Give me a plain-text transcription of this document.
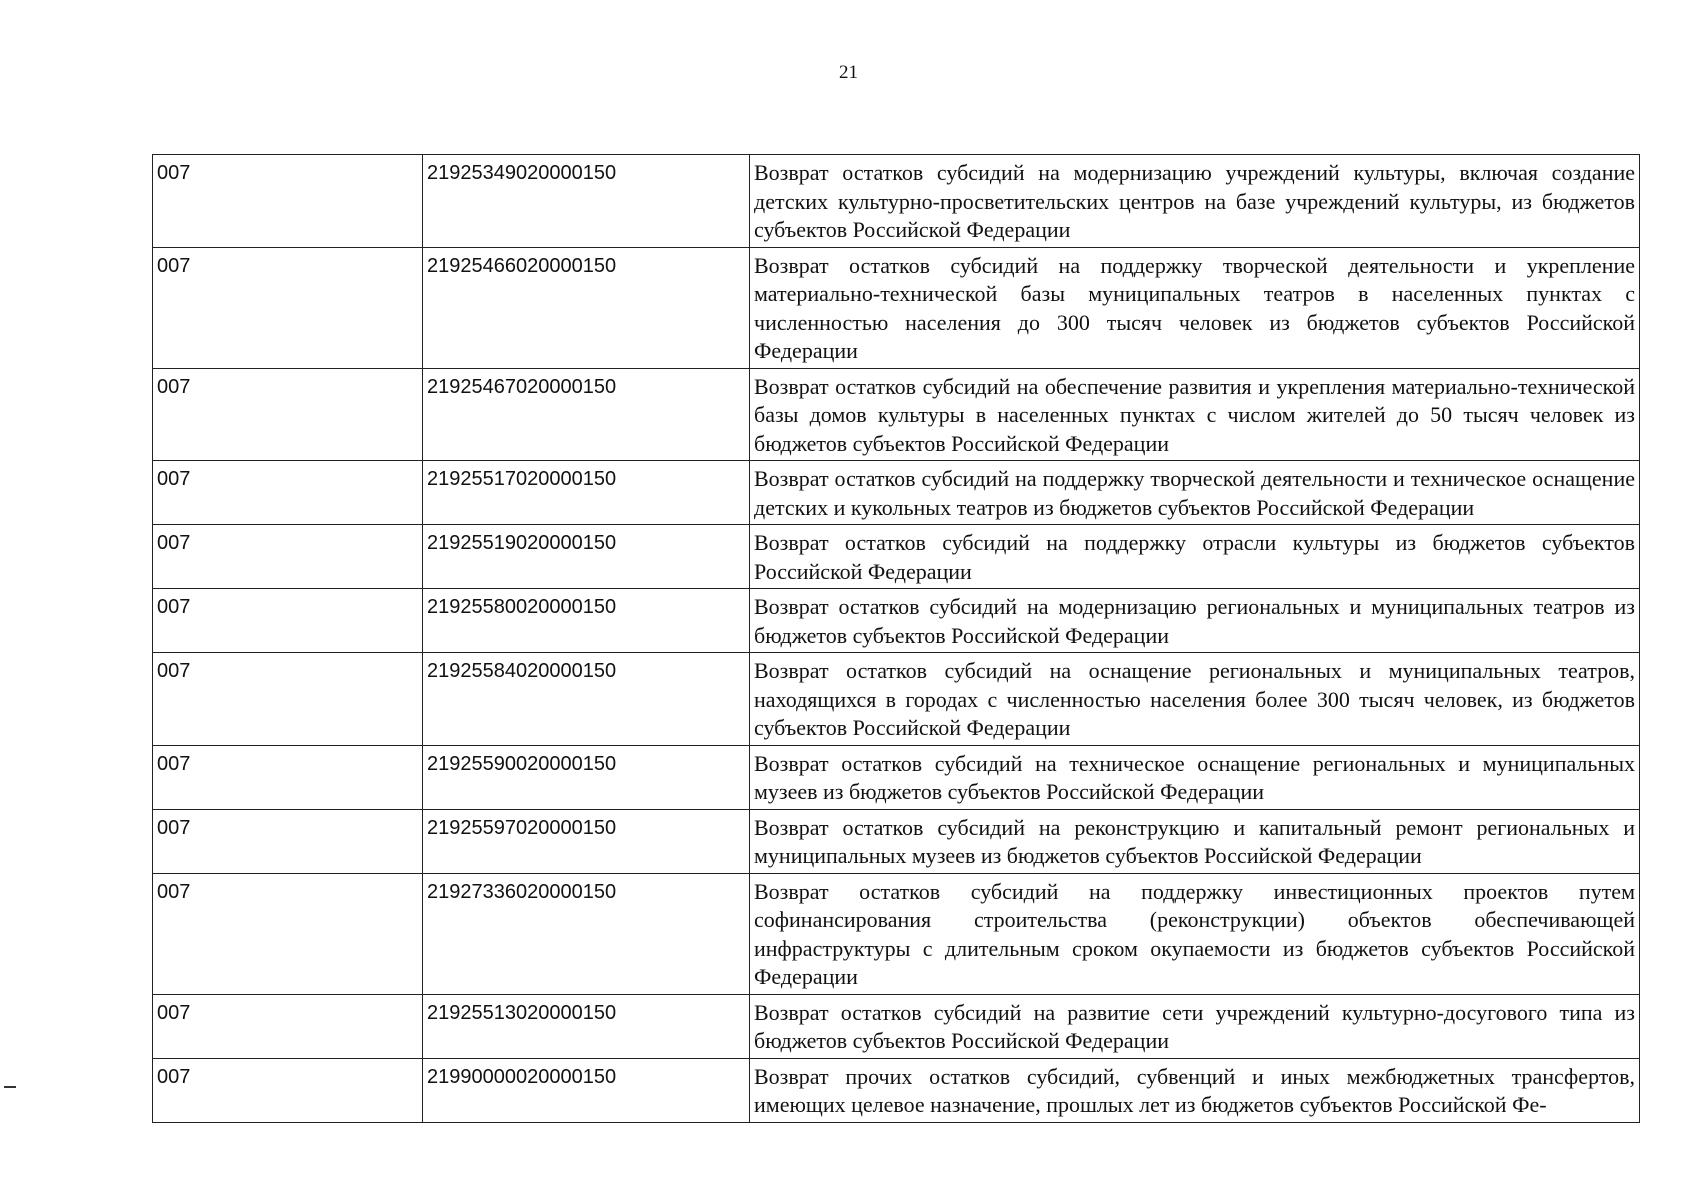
21
007	21925349020000150	Возврат остатков субсидий на модернизацию учреждений культуры, включая создание детских культурно-просветительских центров на базе учреждений культуры, из бюджетов субъектов Российской Федерации
007	21925466020000150	Возврат остатков субсидий на поддержку творческой деятельности и укрепление материально-технической базы муниципальных театров в населенных пунктах с численностью населения до 300 тысяч человек из бюджетов субъектов Российской Федерации
007	21925467020000150	Возврат остатков субсидий на обеспечение развития и укрепления материально-технической базы домов культуры в населенных пунктах с числом жителей до 50 тысяч человек из бюджетов субъектов Российской Федерации
007	21925517020000150	Возврат остатков субсидий на поддержку творческой деятельности и техническое оснащение детских и кукольных театров из бюджетов субъектов Российской Федерации
007	21925519020000150	Возврат остатков субсидий на поддержку отрасли культуры из бюджетов субъектов Российской Федерации
007	21925580020000150	Возврат остатков субсидий на модернизацию региональных и муниципальных театров из бюджетов субъектов Российской Федерации
007	21925584020000150	Возврат остатков субсидий на оснащение региональных и муниципальных театров, находящихся в городах с численностью населения более 300 тысяч человек, из бюджетов субъектов Российской Федерации
007	21925590020000150	Возврат остатков субсидий на техническое оснащение региональных и муниципальных музеев из бюджетов субъектов Российской Федерации
007	21925597020000150	Возврат остатков субсидий на реконструкцию и капитальный ремонт региональных и муниципальных музеев из бюджетов субъектов Российской Федерации
007	21927336020000150	Возврат остатков субсидий на поддержку инвестиционных проектов путем софинансирования строительства (реконструкции) объектов обеспечивающей инфраструктуры с длительным сроком окупаемости из бюджетов субъектов Российской Федерации
007	21925513020000150	Возврат остатков субсидий на развитие сети учреждений культурно-досугового типа из бюджетов субъектов Российской Федерации
007	21990000020000150	Возврат прочих остатков субсидий, субвенций и иных межбюджетных трансфертов, имеющих целевое назначение, прошлых лет из бюджетов субъектов Российской Фе-
